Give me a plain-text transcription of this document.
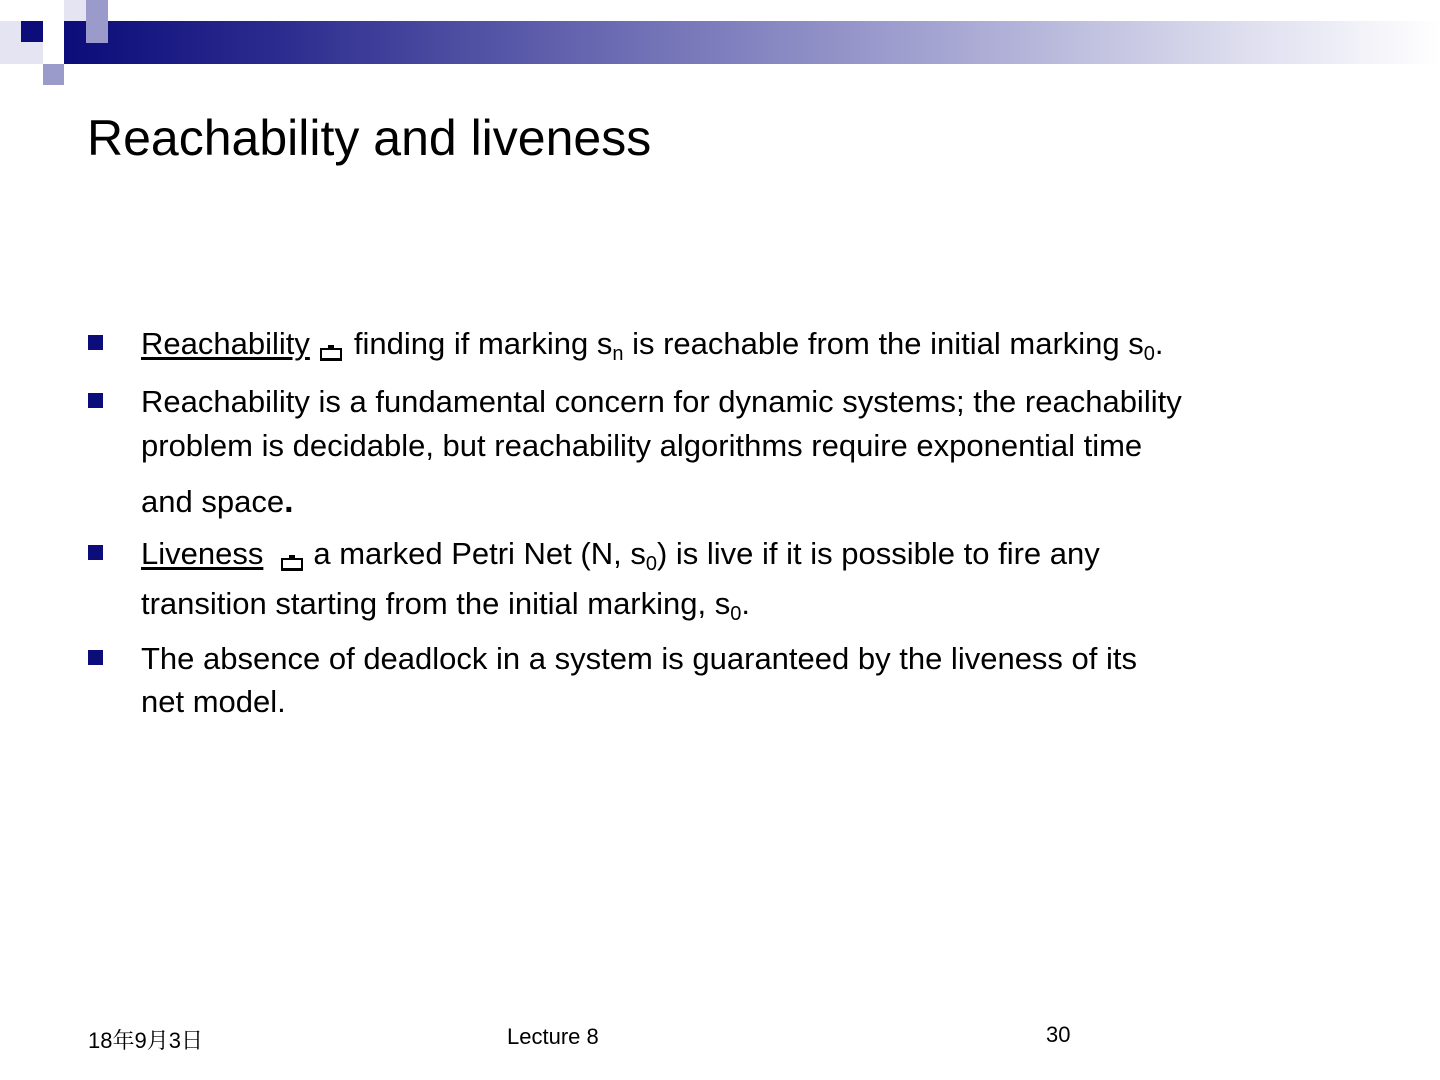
Reachability and liveness
Reachability finding if marking $s_n$ is reachable from the initial marking $s_0$.
Reachability is a fundamental concern for dynamic systems; the reachability
problem is decidable, but reachability algorithms require exponential time
and space.
Liveness a marked Petri Net (N, $s_0$) is live if it is possible to fire any
transition starting from the initial marking, $s_0$.
The absence of deadlock in a system is guaranteed by the liveness of its
net model.
18年9月3日	Lecture 8	30
